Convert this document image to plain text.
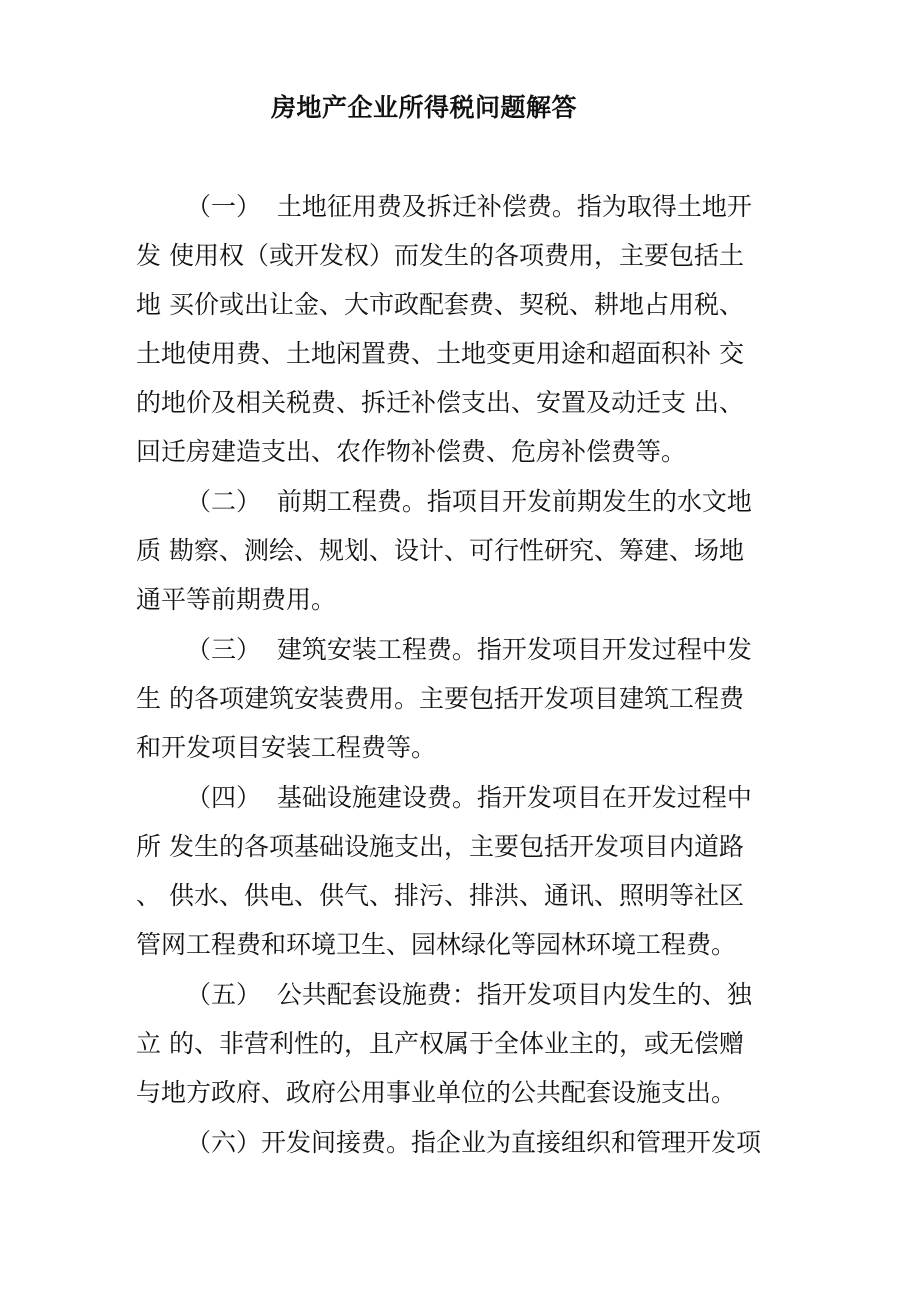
房地产企业所得税问题解答
（一）  土地征用费及拆迁补偿费。指为取得土地开
发 使用权（或开发权）而发生的各项费用，主要包括土
地 买价或出让金、大市政配套费、契税、耕地占用税、
土地使用费、土地闲置费、土地变更用途和超面积补 交
的地价及相关税费、拆迁补偿支出、安置及动迁支 出、
回迁房建造支出、农作物补偿费、危房补偿费等。
（二）  前期工程费。指项目开发前期发生的水文地
质 勘察、测绘、规划、设计、可行性研究、筹建、场地
通平等前期费用。
（三）  建筑安装工程费。指开发项目开发过程中发
生 的各项建筑安装费用。主要包括开发项目建筑工程费
和开发项目安装工程费等。
（四）  基础设施建设费。指开发项目在开发过程中
所 发生的各项基础设施支出，主要包括开发项目内道路
、 供水、供电、供气、排污、排洪、通讯、照明等社区
管网工程费和环境卫生、园林绿化等园林环境工程费。
（五）  公共配套设施费：指开发项目内发生的、独
立 的、非营利性的，且产权属于全体业主的，或无偿赠
与地方政府、政府公用事业单位的公共配套设施支出。
（六）开发间接费。指企业为直接组织和管理开发项
